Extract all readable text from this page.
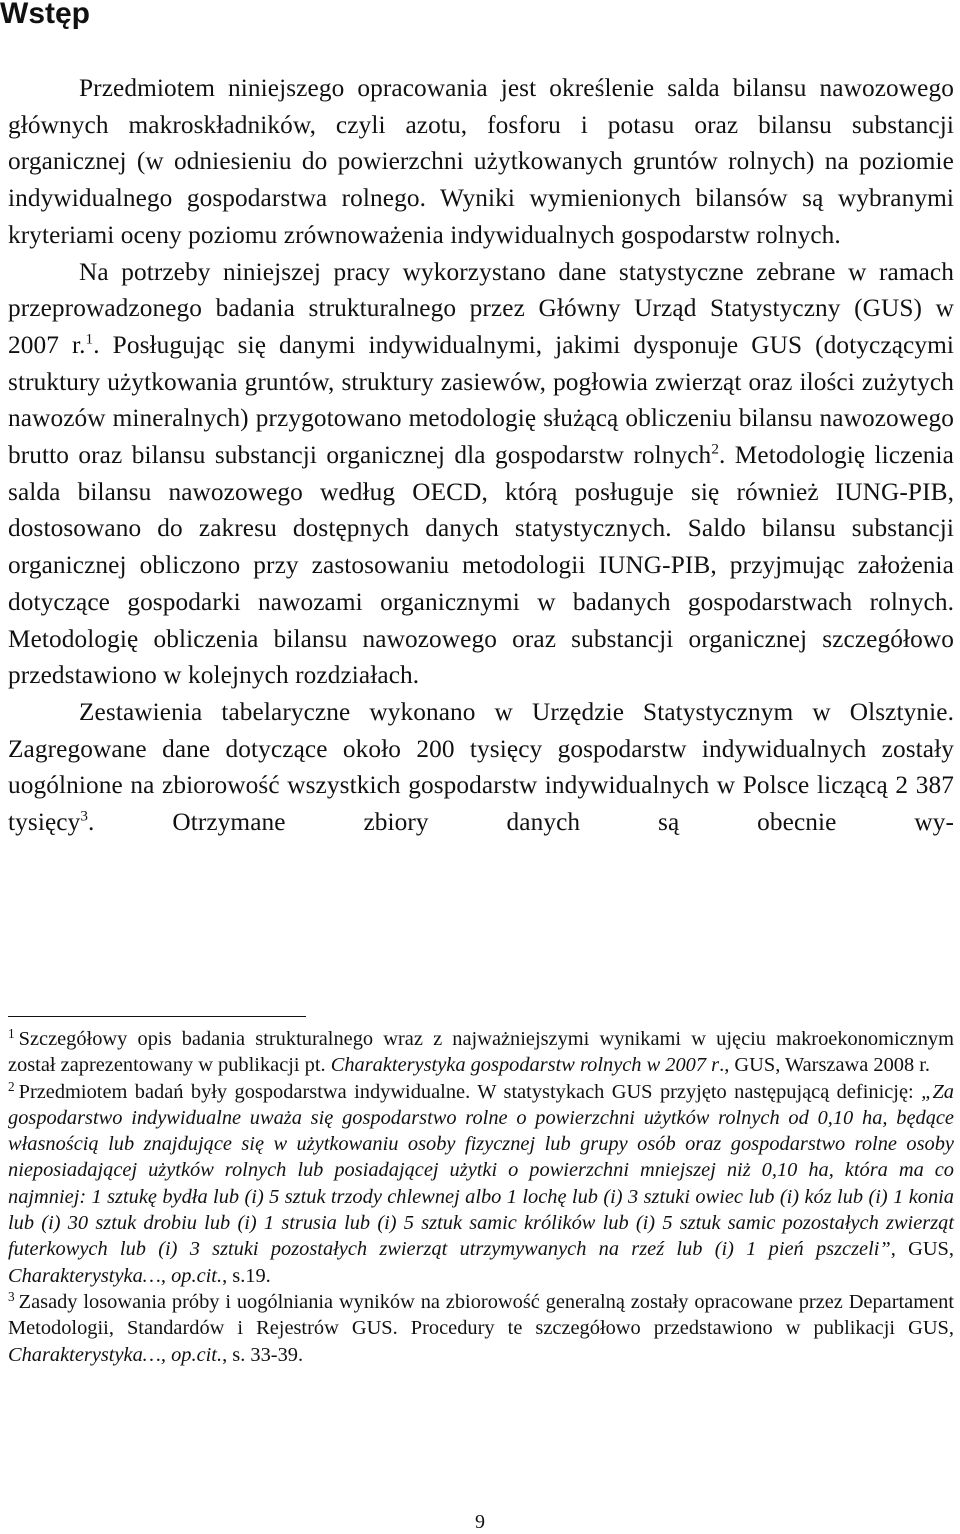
Wstęp

Przedmiotem niniejszego opracowania jest określenie salda bilansu nawozowego głównych makroskładników, czyli azotu, fosforu i potasu oraz bilansu substancji organicznej (w odniesieniu do powierzchni użytkowanych gruntów rolnych) na poziomie indywidualnego gospodarstwa rolnego. Wyniki wymienionych bilansów są wybranymi kryteriami oceny poziomu zrównoważenia indywidualnych gospodarstw rolnych.

Na potrzeby niniejszej pracy wykorzystano dane statystyczne zebrane w ramach przeprowadzonego badania strukturalnego przez Główny Urząd Statystyczny (GUS) w 2007 r.$^1$. Posługując się danymi indywidualnymi, jakimi dysponuje GUS (dotyczącymi struktury użytkowania gruntów, struktury zasiewów, pogłowia zwierząt oraz ilości zużytych nawozów mineralnych) przygotowano metodologię służącą obliczeniu bilansu nawozowego brutto oraz bilansu substancji organicznej dla gospodarstw rolnych$^2$. Metodologię liczenia salda bilansu nawozowego według OECD, którą posługuje się również IUNG-PIB, dostosowano do zakresu dostępnych danych statystycznych. Saldo bilansu substancji organicznej obliczono przy zastosowaniu metodologii IUNG-PIB, przyjmując założenia dotyczące gospodarki nawozami organicznymi w badanych gospodarstwach rolnych. Metodologię obliczenia bilansu nawozowego oraz substancji organicznej szczegółowo przedstawiono w kolejnych rozdziałach.

Zestawienia tabelaryczne wykonano w Urzędzie Statystycznym w Olsztynie. Zagregowane dane dotyczące około 200 tysięcy gospodarstw indywidualnych zostały uogólnione na zbiorowość wszystkich gospodarstw indywidualnych w Polsce liczącą 2 387 tysięcy$^3$. Otrzymane zbiory danych są obecnie wy-

$^1$ Szczegółowy opis badania strukturalnego wraz z najważniejszymi wynikami w ujęciu makroekonomicznym został zaprezentowany w publikacji pt. Charakterystyka gospodarstw rolnych w 2007 r., GUS, Warszawa 2008 r.

$^2$ Przedmiotem badań były gospodarstwa indywidualne. W statystykach GUS przyjęto następującą definicję: „Za gospodarstwo indywidualne uważa się gospodarstwo rolne o powierzchni użytków rolnych od 0,10 ha, będące własnością lub znajdujące się w użytkowaniu osoby fizycznej lub grupy osób oraz gospodarstwo rolne osoby nieposiadającej użytków rolnych lub posiadającej użytki o powierzchni mniejszej niż 0,10 ha, która ma co najmniej: 1 sztukę bydła lub (i) 5 sztuk trzody chlewnej albo 1 lochę lub (i) 3 sztuki owiec lub (i) kóz lub (i) 1 konia lub (i) 30 sztuk drobiu lub (i) 1 strusia lub (i) 5 sztuk samic królików lub (i) 5 sztuk samic pozostałych zwierząt futerkowych lub (i) 3 sztuki pozostałych zwierząt utrzymywanych na rzeź lub (i) 1 pień pszczeli”, GUS, Charakterystyka…, op.cit., s.19.

$^3$ Zasady losowania próby i uogólniania wyników na zbiorowość generalną zostały opracowane przez Departament Metodologii, Standardów i Rejestrów GUS. Procedury te szczegółowo przedstawiono w publikacji GUS, Charakterystyka…, op.cit., s. 33-39.

9
